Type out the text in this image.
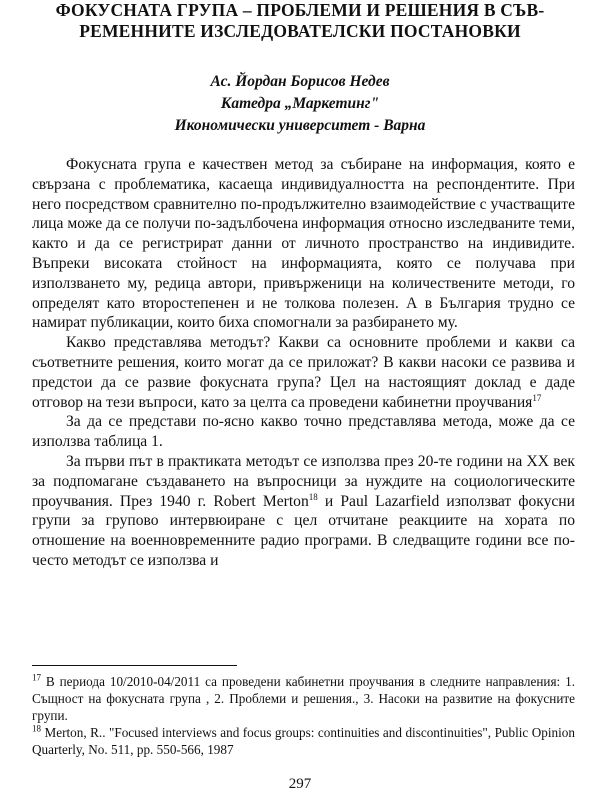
ФОКУСНАТА ГРУПА – ПРОБЛЕМИ И РЕШЕНИЯ В СЪВ-
РЕМЕННИТЕ ИЗСЛЕДОВАТЕЛСКИ ПОСТАНОВКИ
Ас. Йордан Борисов Недев
Катедра „Маркетинг"
Икономически университет - Варна

Фокусната група е качествен метод за събиране на информация, която е свързана с проблематика, касаеща индивидуалността на респондентите. При него посредством сравнително по-продължително взаимодействие с участващите лица може да се получи по-задълбочена информация относно изследваните теми, както и да се регистрират данни от личното пространство на индивидите. Въпреки високата стойност на информацията, която се получава при използването му, редица автори, привърженици на количествените методи, го определят като второстепенен и не толкова полезен. А в България трудно се намират публикации, които биха спомогнали за разбирането му.

Какво представлява методът? Какви са основните проблеми и какви са съответните решения, които могат да се приложат? В какви насоки се развива и предстои да се развие фокусната група? Цел на настоящият доклад е даде отговор на тези въпроси, като за целта са проведени кабинетни проучвания$^{17}$

За да се представи по-ясно какво точно представлява метода, може да се използва таблица 1.

За първи път в практиката методът се използва през 20-те години на XX век за подпомагане създаването на въпросници за нуждите на социологическите проучвания. През 1940 г. Robert Merton$^{18}$ и Paul Lazarfield използват фокусни групи за групово интервюиране с цел отчитане реакциите на хората по отношение на военновременните радио програми. В следващите години все по-често методът се използва и

$^{17}$ В периода 10/2010-04/2011 са проведени кабинетни проучвания в следните направления: 1. Същност на фокусната група , 2. Проблеми и решения., 3. Насоки на развитие на фокусните групи.

$^{18}$ Merton, R.. "Focused interviews and focus groups: continuities and discontinuities", Public Opinion Quarterly, No. 511, pp. 550-566, 1987

297
